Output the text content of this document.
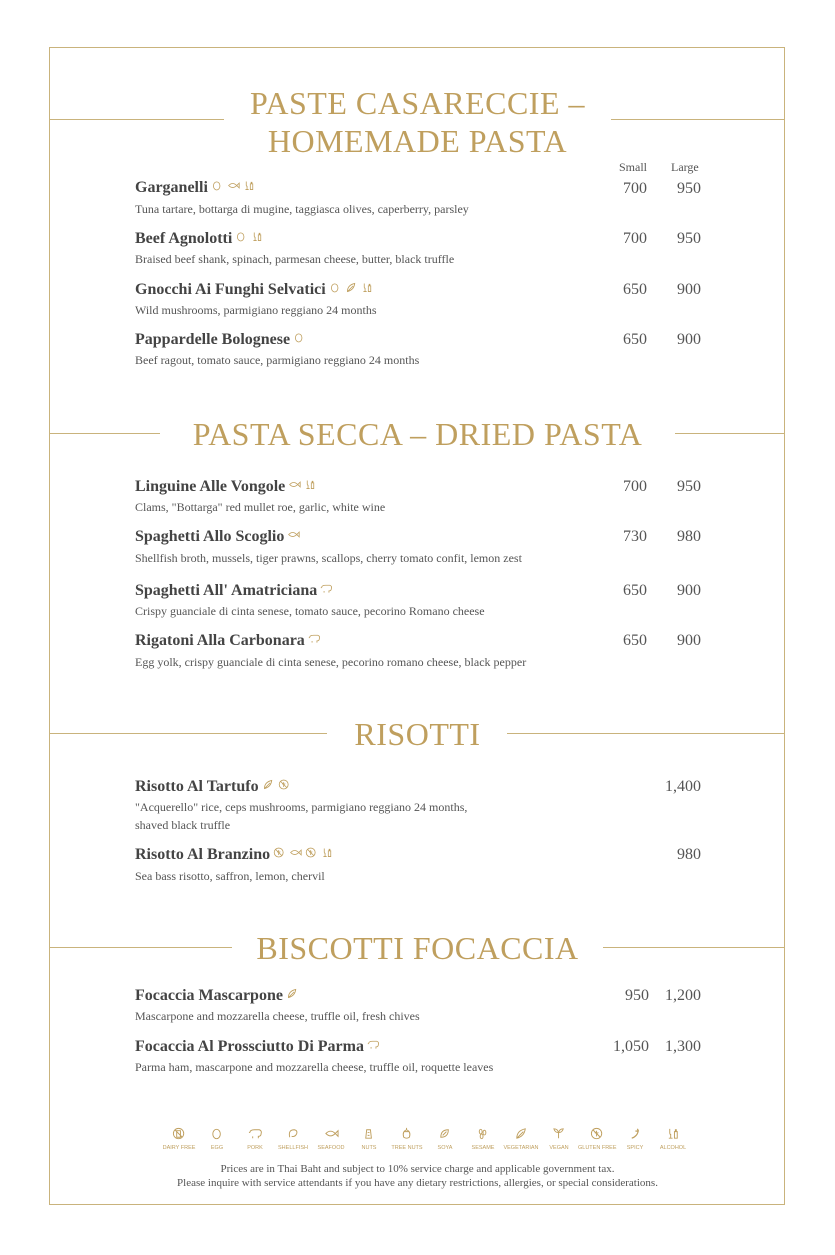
PASTE CASARECCIE –
HOMEMADE PASTA
Small Large
Garganelli
Tuna tartare, bottarga di mugine, taggiasca olives, caperberry, parsley
700	950
Beef Agnolotti
Braised beef shank, spinach, parmesan cheese, butter, black truffle
700	950
Gnocchi Ai Funghi Selvatici
Wild mushrooms, parmigiano reggiano 24 months
650	900
Pappardelle Bolognese
Beef ragout, tomato sauce, parmigiano reggiano 24 months
650	900
PASTA SECCA – DRIED PASTA
Linguine Alle Vongole
Clams, "Bottarga" red mullet roe, garlic, white wine
700	950
Spaghetti Allo Scoglio
Shellfish broth, mussels, tiger prawns, scallops, cherry tomato confit, lemon zest
730	980
Spaghetti All' Amatriciana
Crispy guanciale di cinta senese, tomato sauce, pecorino Romano cheese
650	900
Rigatoni Alla Carbonara
Egg yolk, crispy guanciale di cinta senese, pecorino romano cheese, black pepper
650	900
RISOTTI
Risotto Al Tartufo
"Acquerello" rice, ceps mushrooms, parmigiano reggiano 24 months,
shaved black truffle
1,400
Risotto Al Branzino
Sea bass risotto, saffron, lemon, chervil
980
BISCOTTI FOCACCIA
Focaccia Mascarpone
Mascarpone and mozzarella cheese, truffle oil, fresh chives
950	1,200
Focaccia Al Prossciutto Di Parma
Parma ham, mascarpone and mozzarella cheese, truffle oil, roquette leaves
1,050	1,300
DAIRY FREE	EGG	PORK	SHELLFISH	SEAFOOD	NUTS	TREE NUTS	SOYA	SESAME	VEGETARIAN	VEGAN	GLUTEN FREE	SPICY	ALCOHOL
Prices are in Thai Baht and subject to 10% service charge and applicable government tax.
Please inquire with service attendants if you have any dietary restrictions, allergies, or special considerations.
